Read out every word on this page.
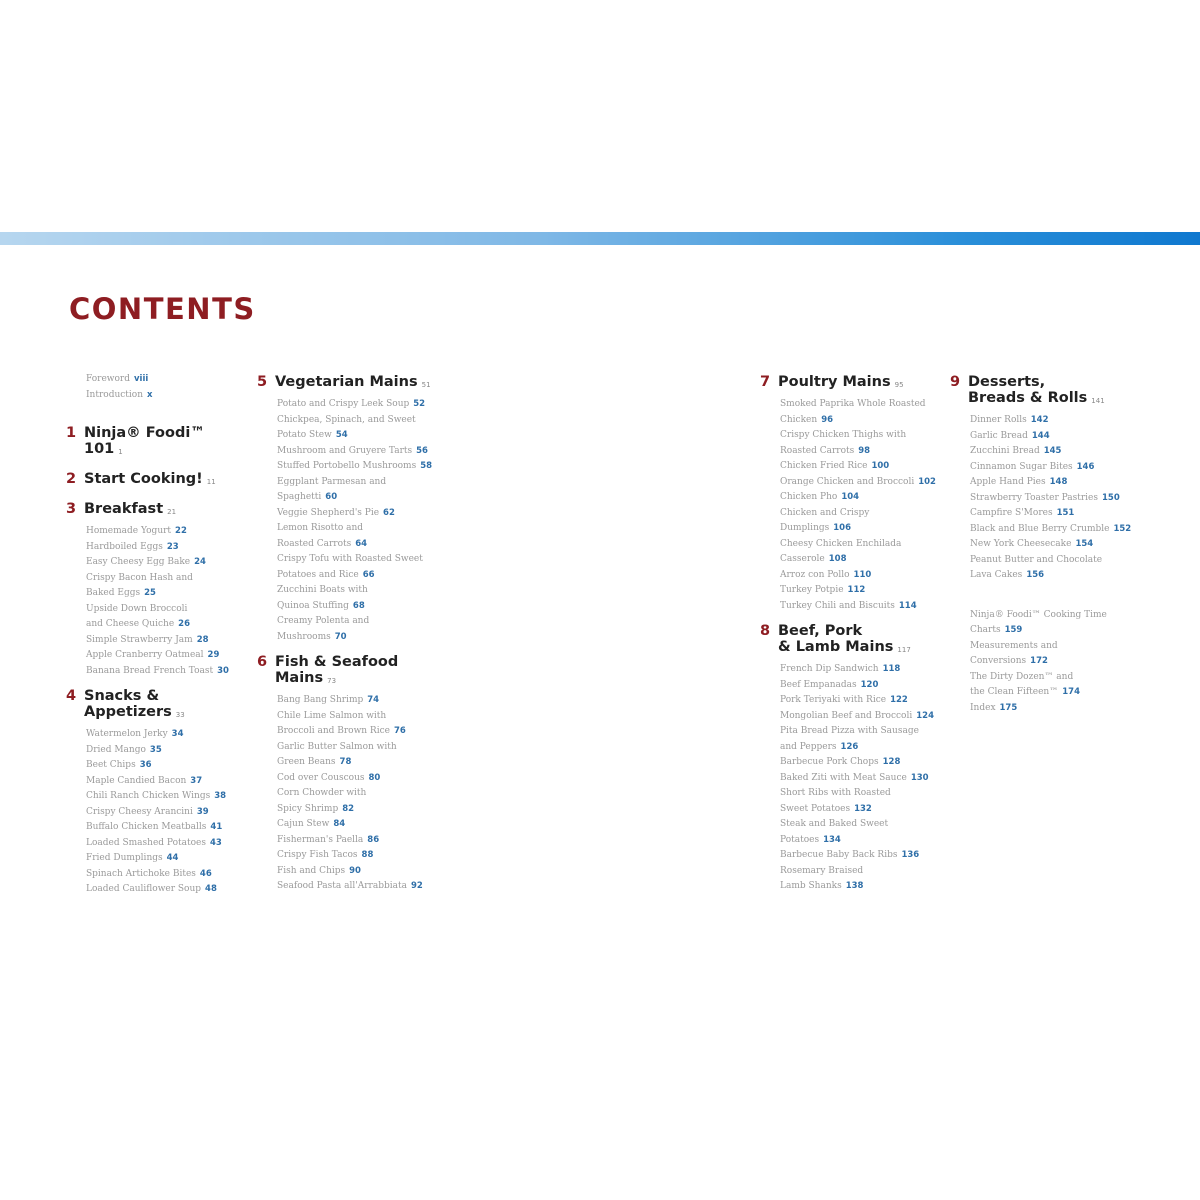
CONTENTS
Foreword viii
Introduction x
1 Ninja® Foodi™ 101 1
2 Start Cooking! 11
3 Breakfast 21
Homemade Yogurt 22
Hardboiled Eggs 23
Easy Cheesy Egg Bake 24
Crispy Bacon Hash and
Baked Eggs 25
Upside Down Broccoli
and Cheese Quiche 26
Simple Strawberry Jam 28
Apple Cranberry Oatmeal 29
Banana Bread French Toast 30
4 Snacks &
Appetizers 33
Watermelon Jerky 34
Dried Mango 35
Beet Chips 36
Maple Candied Bacon 37
Chili Ranch Chicken Wings 38
Crispy Cheesy Arancini 39
Buffalo Chicken Meatballs 41
Loaded Smashed Potatoes 43
Fried Dumplings 44
Spinach Artichoke Bites 46
Loaded Cauliflower Soup 48
5 Vegetarian Mains 51
Potato and Crispy Leek Soup 52
Chickpea, Spinach, and Sweet
Potato Stew 54
Mushroom and Gruyere Tarts 56
Stuffed Portobello Mushrooms 58
Eggplant Parmesan and
Spaghetti 60
Veggie Shepherd's Pie 62
Lemon Risotto and
Roasted Carrots 64
Crispy Tofu with Roasted Sweet
Potatoes and Rice 66
Zucchini Boats with
Quinoa Stuffing 68
Creamy Polenta and
Mushrooms 70
6 Fish & Seafood
Mains 73
Bang Bang Shrimp 74
Chile Lime Salmon with
Broccoli and Brown Rice 76
Garlic Butter Salmon with
Green Beans 78
Cod over Couscous 80
Corn Chowder with
Spicy Shrimp 82
Cajun Stew 84
Fisherman's Paella 86
Crispy Fish Tacos 88
Fish and Chips 90
Seafood Pasta all'Arrabbiata 92
7 Poultry Mains 95
Smoked Paprika Whole Roasted
Chicken 96
Crispy Chicken Thighs with
Roasted Carrots 98
Chicken Fried Rice 100
Orange Chicken and Broccoli 102
Chicken Pho 104
Chicken and Crispy
Dumplings 106
Cheesy Chicken Enchilada
Casserole 108
Arroz con Pollo 110
Turkey Potpie 112
Turkey Chili and Biscuits 114
8 Beef, Pork
& Lamb Mains 117
French Dip Sandwich 118
Beef Empanadas 120
Pork Teriyaki with Rice 122
Mongolian Beef and Broccoli 124
Pita Bread Pizza with Sausage
and Peppers 126
Barbecue Pork Chops 128
Baked Ziti with Meat Sauce 130
Short Ribs with Roasted
Sweet Potatoes 132
Steak and Baked Sweet Potatoes 134
Barbecue Baby Back Ribs 136
Rosemary Braised
Lamb Shanks 138
9 Desserts,
Breads & Rolls 141
Dinner Rolls 142
Garlic Bread 144
Zucchini Bread 145
Cinnamon Sugar Bites 146
Apple Hand Pies 148
Strawberry Toaster Pastries 150
Campfire S'Mores 151
Black and Blue Berry Crumble 152
New York Cheesecake 154
Peanut Butter and Chocolate
Lava Cakes 156
Ninja® Foodi™ Cooking Time
Charts 159
Measurements and
Conversions 172
The Dirty Dozen™ and
the Clean Fifteen™ 174
Index 175
